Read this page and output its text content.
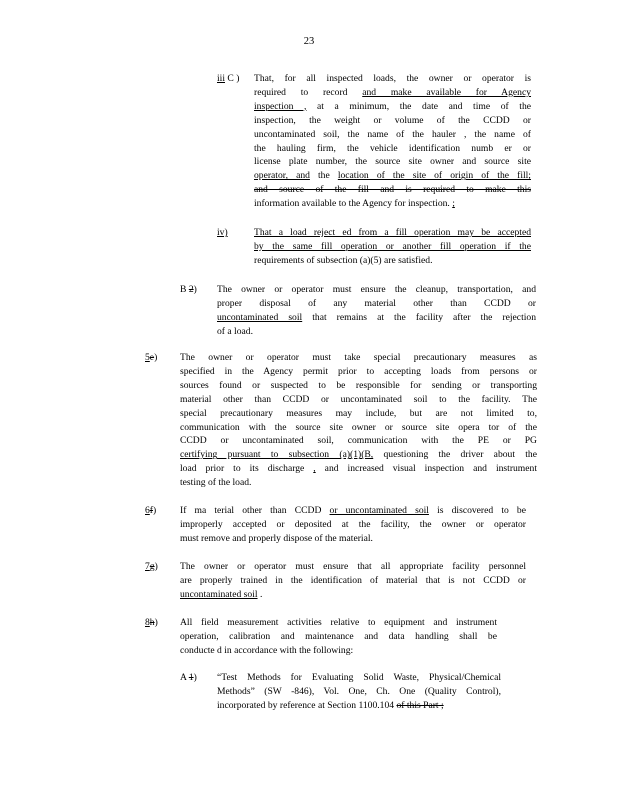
23
iii C ) That, for all inspected loads, the owner or operator is
required to record and make available for Agency
inspection , at a minimum, the date and time of the
inspection, the weight or volume of the CCDD or
uncontaminated soil, the name of the hauler , the name of
the hauling firm, the vehicle identification numb er or
license plate number, the source site owner and source site
operator, and the location of the site of origin of the fill;
and source of the fill and is required to make this
information available to the Agency for inspection. ;
iv)	That a load reject ed from a fill operation may be accepted
by the same fill operation or another fill operation if the
requirements of subsection (a)(5) are satisfied.
B 2) The owner or operator must ensure the cleanup, transportation, and
proper disposal of any material other than CCDD or
uncontaminated soil that remains at the facility after the rejection
of a load.
5e) The owner or operator must take special precautionary measures as
specified in the Agency permit prior to accepting loads from persons or
sources found or suspected to be responsible for sending or transporting
material other than CCDD or uncontaminated soil to the facility. The
special precautionary measures may include, but are not limited to,
communication with the source site owner or source site opera tor of the
CCDD or uncontaminated soil, communication with the PE or PG
certifying pursuant to subsection (a)(1)(B, questioning the driver about the
load prior to its discharge , and increased visual inspection and instrument
testing of the load.
6f) If ma terial other than CCDD or uncontaminated soil is discovered to be
improperly accepted or deposited at the facility, the owner or operator
must remove and properly dispose of the material.
7g) The owner or operator must ensure that all appropriate facility personnel
are properly trained in the identification of material that is not CCDD or
uncontaminated soil .
8h) All field measurement activities relative to equipment and instrument
operation, calibration and maintenance and data handling shall be
conducte d in accordance with the following:
A 1) “Test Methods for Evaluating Solid Waste, Physical/Chemical
Methods” (SW -846), Vol. One, Ch. One (Quality Control),
incorporated by reference at Section 1100.104 of this Part ;
